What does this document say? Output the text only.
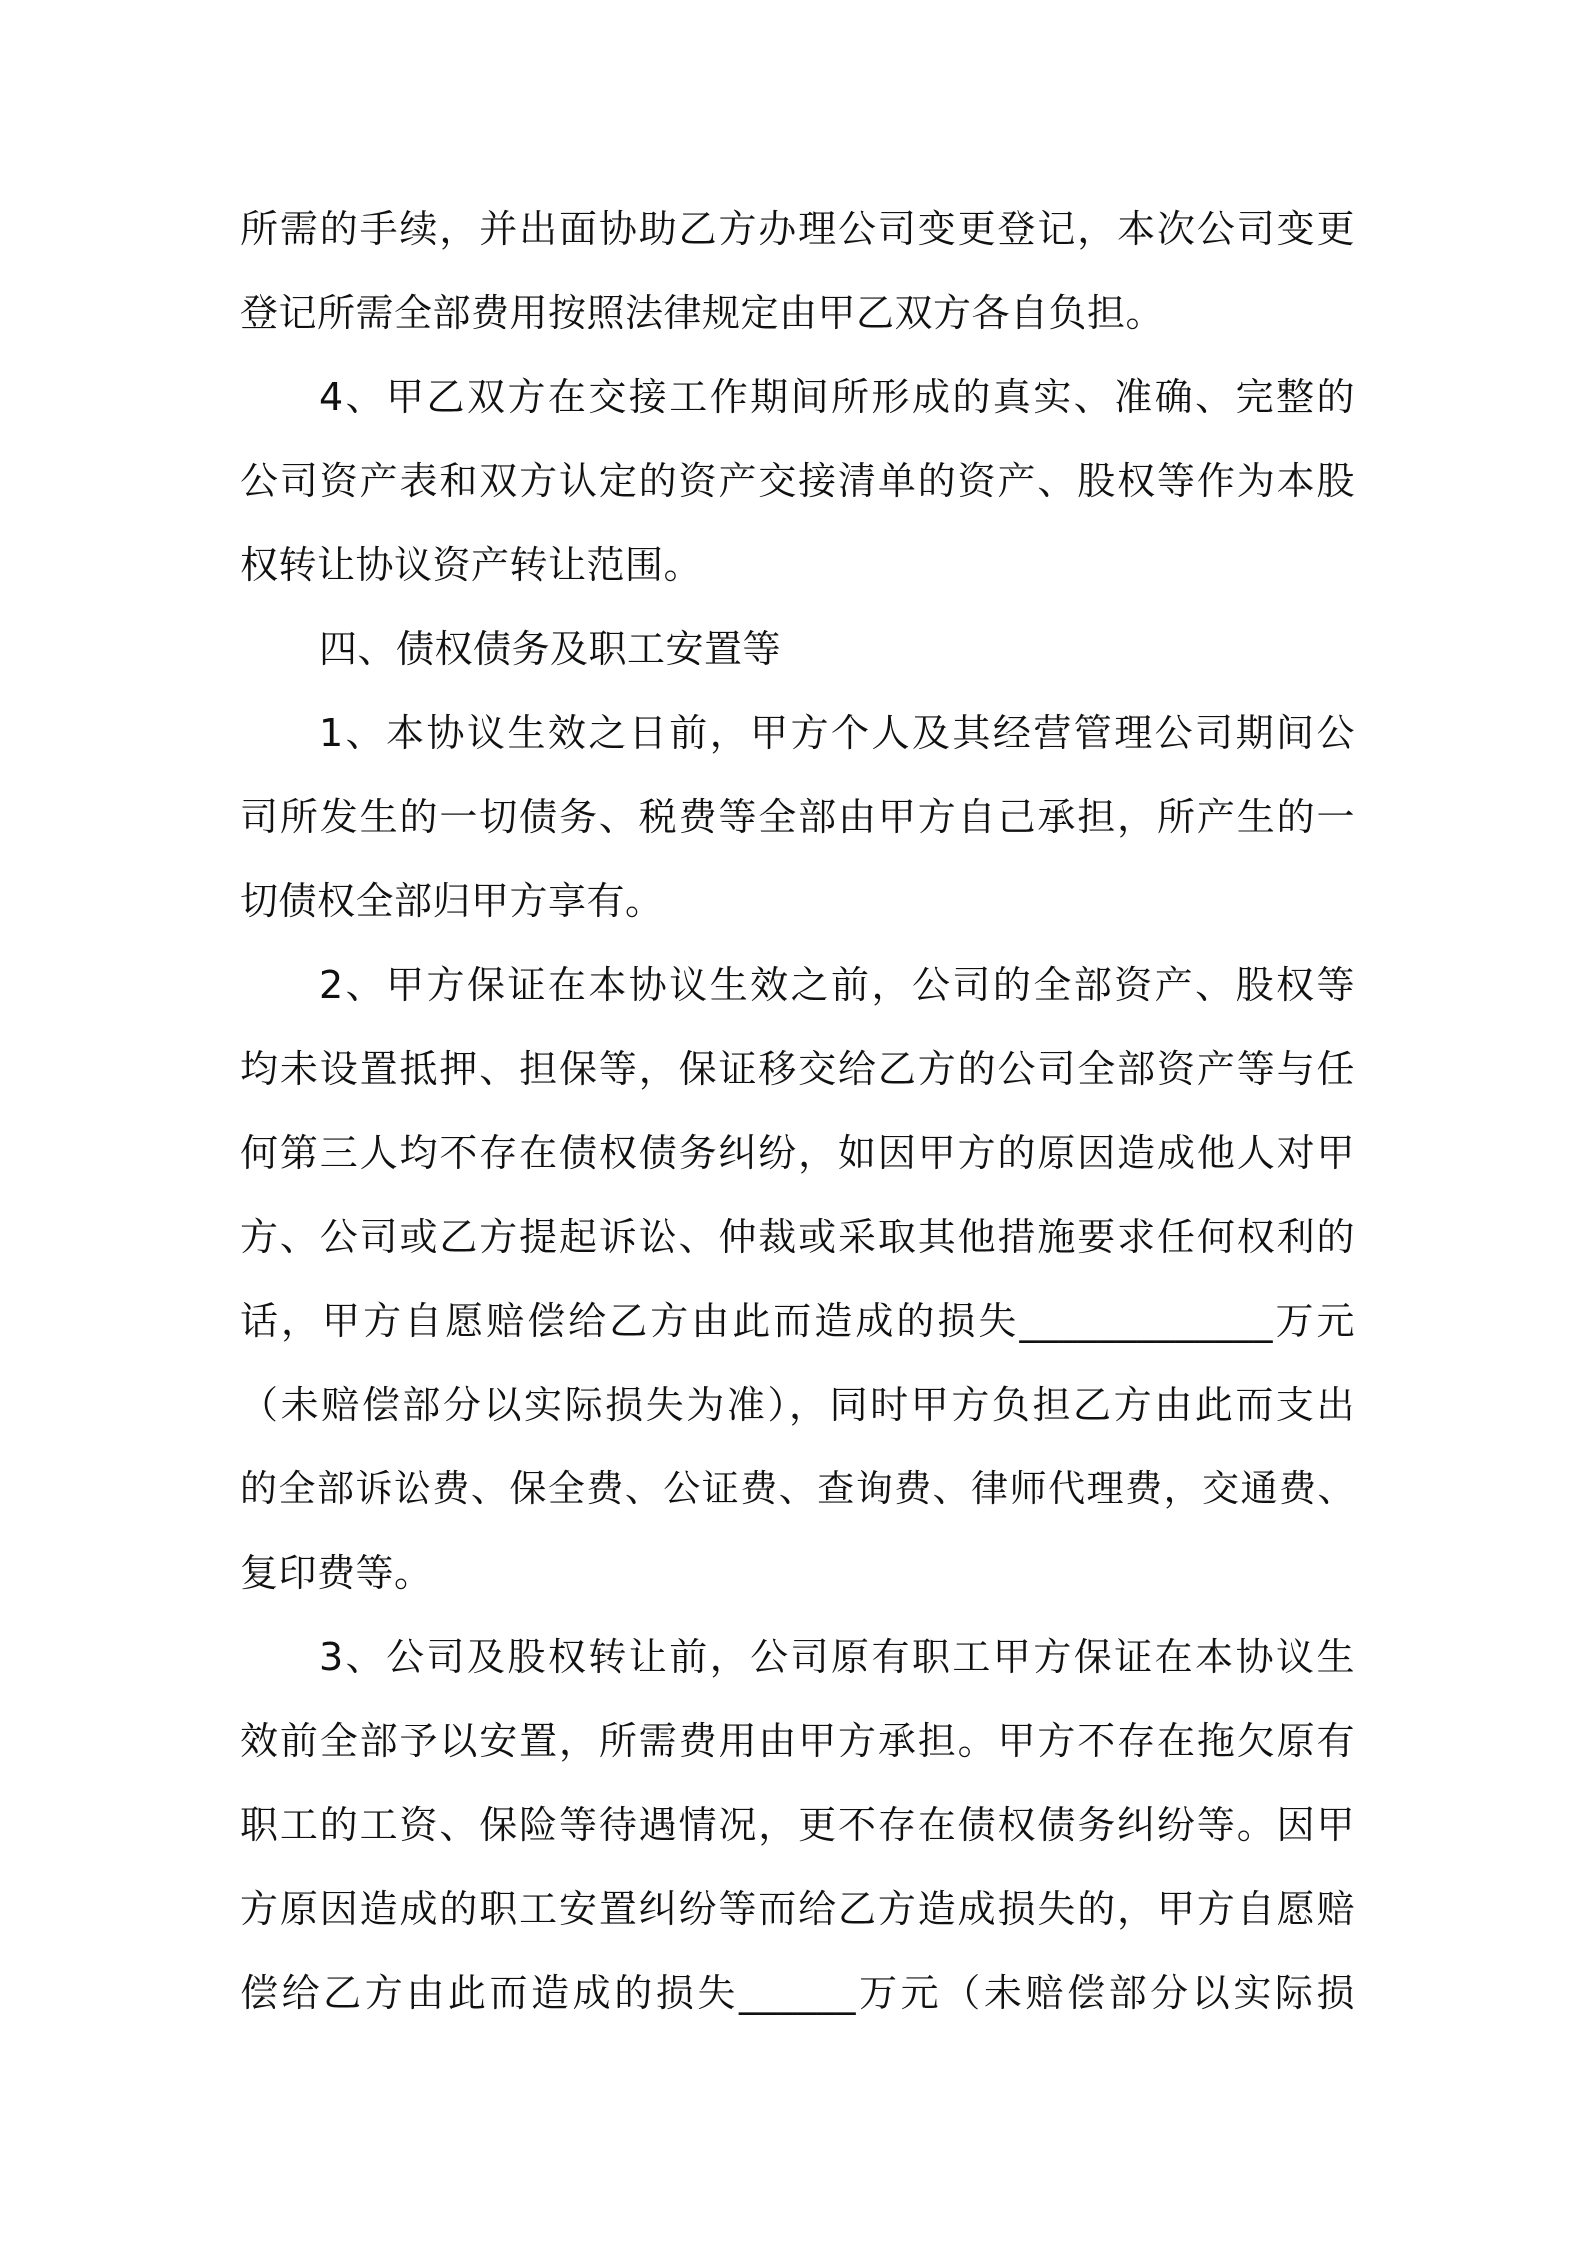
所需的手续，并出面协助乙方办理公司变更登记，本次公司变更
登记所需全部费用按照法律规定由甲乙双方各自负担。
4、甲乙双方在交接工作期间所形成的真实、准确、完整的
公司资产表和双方认定的资产交接清单的资产、股权等作为本股
权转让协议资产转让范围。
四、债权债务及职工安置等
1、本协议生效之日前，甲方个人及其经营管理公司期间公
司所发生的一切债务、税费等全部由甲方自己承担，所产生的一
切债权全部归甲方享有。
2、甲方保证在本协议生效之前，公司的全部资产、股权等
均未设置抵押、担保等，保证移交给乙方的公司全部资产等与任
何第三人均不存在债权债务纠纷，如因甲方的原因造成他人对甲
方、公司或乙方提起诉讼、仲裁或采取其他措施要求任何权利的
话，甲方自愿赔偿给乙方由此而造成的损失_____________万元
（未赔偿部分以实际损失为准），同时甲方负担乙方由此而支出
的全部诉讼费、保全费、公证费、查询费、律师代理费，交通费、
复印费等。
3、公司及股权转让前，公司原有职工甲方保证在本协议生
效前全部予以安置，所需费用由甲方承担。甲方不存在拖欠原有
职工的工资、保险等待遇情况，更不存在债权债务纠纷等。因甲
方原因造成的职工安置纠纷等而给乙方造成损失的，甲方自愿赔
偿给乙方由此而造成的损失______万元（未赔偿部分以实际损
